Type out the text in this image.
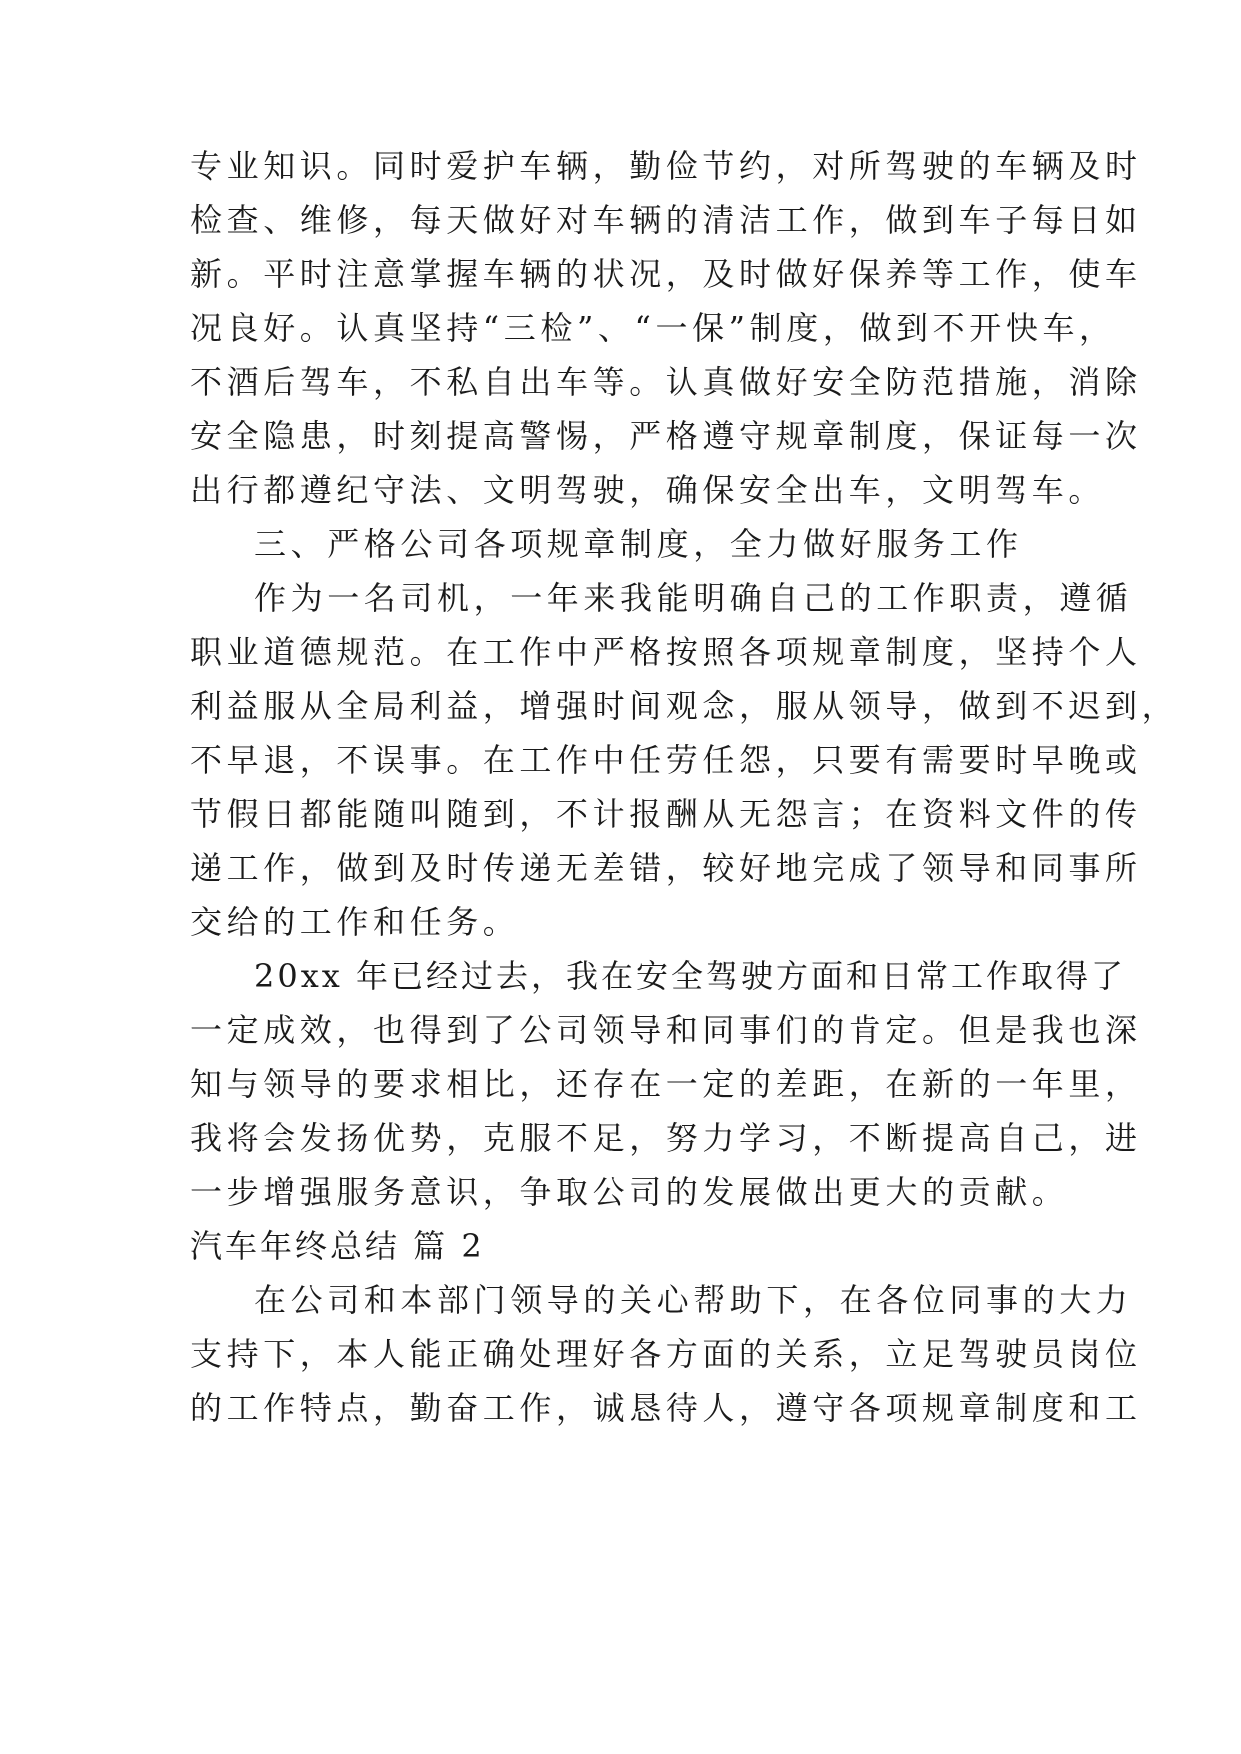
专业知识。同时爱护车辆，勤俭节约，对所驾驶的车辆及时

检查、维修，每天做好对车辆的清洁工作，做到车子每日如

新。平时注意掌握车辆的状况，及时做好保养等工作，使车

况良好。认真坚持“三检”、“一保”制度，做到不开快车，

不酒后驾车，不私自出车等。认真做好安全防范措施，消除

安全隐患，时刻提高警惕，严格遵守规章制度，保证每一次

出行都遵纪守法、文明驾驶，确保安全出车，文明驾车。

三、严格公司各项规章制度，全力做好服务工作

作为一名司机，一年来我能明确自己的工作职责，遵循

职业道德规范。在工作中严格按照各项规章制度，坚持个人

利益服从全局利益，增强时间观念，服从领导，做到不迟到，

不早退，不误事。在工作中任劳任怨，只要有需要时早晚或

节假日都能随叫随到，不计报酬从无怨言；在资料文件的传

递工作，做到及时传递无差错，较好地完成了领导和同事所

交给的工作和任务。

20xx 年已经过去，我在安全驾驶方面和日常工作取得了

一定成效，也得到了公司领导和同事们的肯定。但是我也深

知与领导的要求相比，还存在一定的差距，在新的一年里，

我将会发扬优势，克服不足，努力学习，不断提高自己，进

一步增强服务意识，争取公司的发展做出更大的贡献。

汽车年终总结 篇 2

在公司和本部门领导的关心帮助下，在各位同事的大力

支持下，本人能正确处理好各方面的关系，立足驾驶员岗位

的工作特点，勤奋工作，诚恳待人，遵守各项规章制度和工
